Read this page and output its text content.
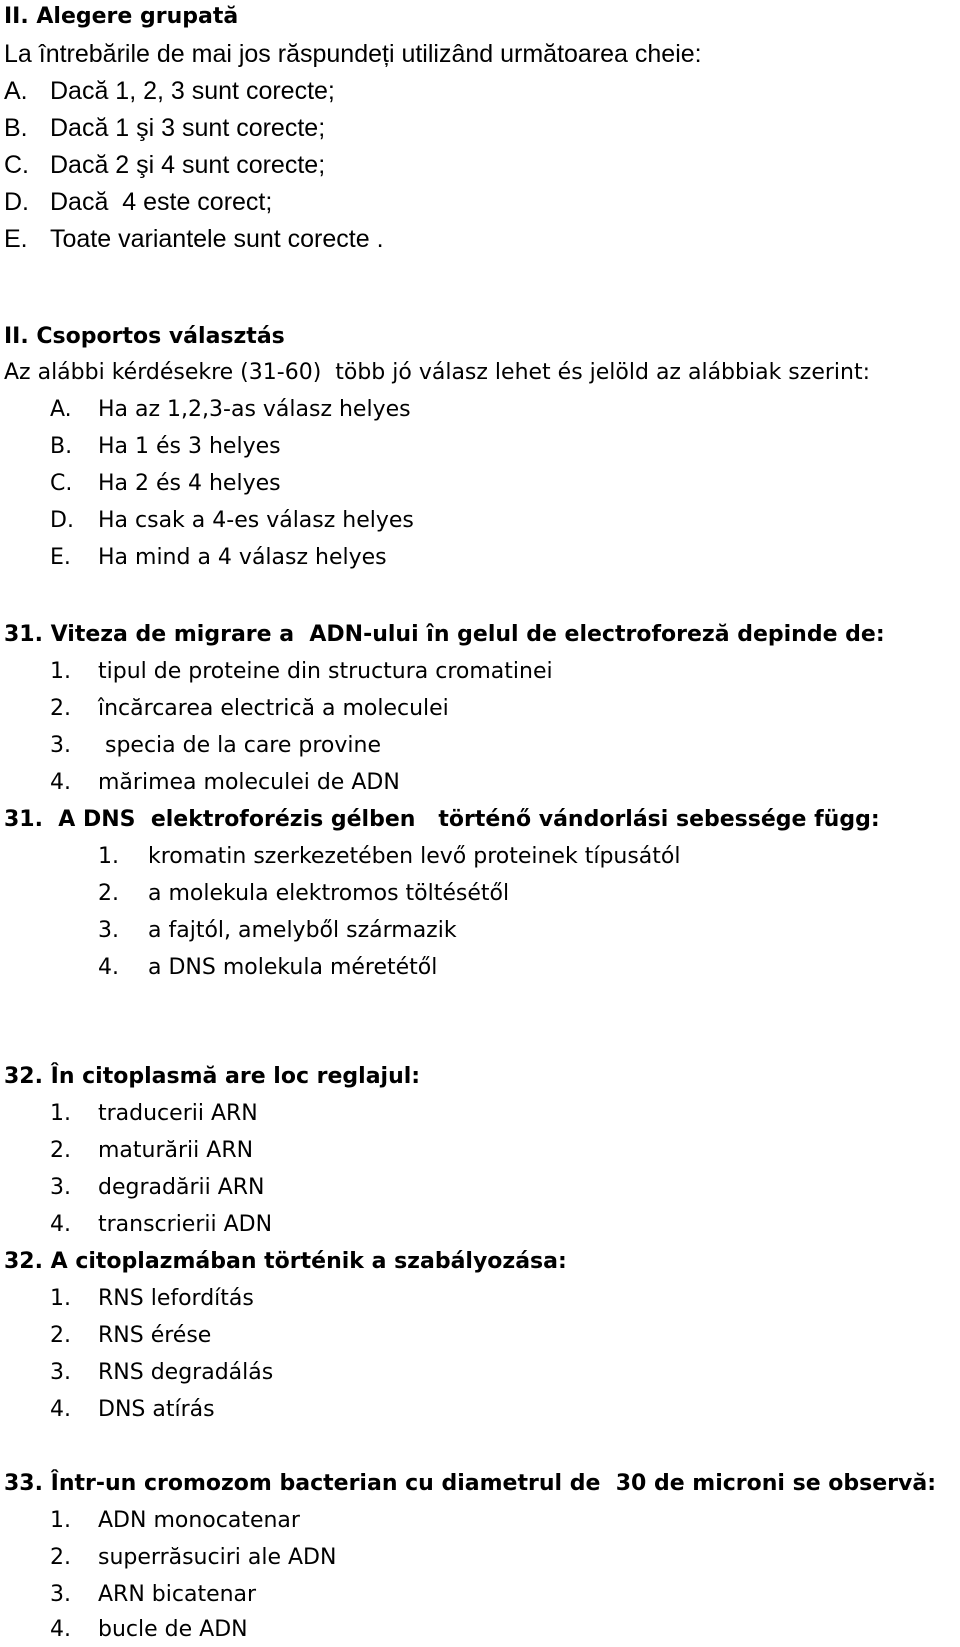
II. Alegere grupată
La întrebările de mai jos răspundeți utilizând următoarea cheie:
A. Dacă 1, 2, 3 sunt corecte;
B. Dacă 1 şi 3 sunt corecte;
C. Dacă 2 şi 4 sunt corecte;
D. Dacă  4 este corect;
E. Toate variantele sunt corecte .
II. Csoportos választás
Az alábbi kérdésekre (31-60)  több jó válasz lehet és jelöld az alábbiak szerint:
A. Ha az 1,2,3-as válasz helyes
B. Ha 1 és 3 helyes
C. Ha 2 és 4 helyes
D. Ha csak a 4-es válasz helyes
E. Ha mind a 4 válasz helyes
31. Viteza de migrare a  ADN-ului în gelul de electroforeză depinde de:
1. tipul de proteine din structura cromatinei
2. încărcarea electrică a moleculei
3. specia de la care provine
4. mărimea moleculei de ADN
31.  A DNS  elektroforézis gélben   történő vándorlási sebessége függ:
1. kromatin szerkezetében levő proteinek típusától
2. a molekula elektromos töltésétől
3. a fajtól, amelyből származik
4. a DNS molekula méretétől
32. În citoplasmă are loc reglajul:
1. traducerii ARN
2. maturării ARN
3. degradării ARN
4. transcrierii ADN
32. A citoplazmában történik a szabályozása:
1. RNS lefordítás
2. RNS érése
3. RNS degradálás
4. DNS atírás
33. Într-un cromozom bacterian cu diametrul de  30 de microni se observă:
1. ADN monocatenar
2. superrăsuciri ale ADN
3. ARN bicatenar
4. bucle de ADN
